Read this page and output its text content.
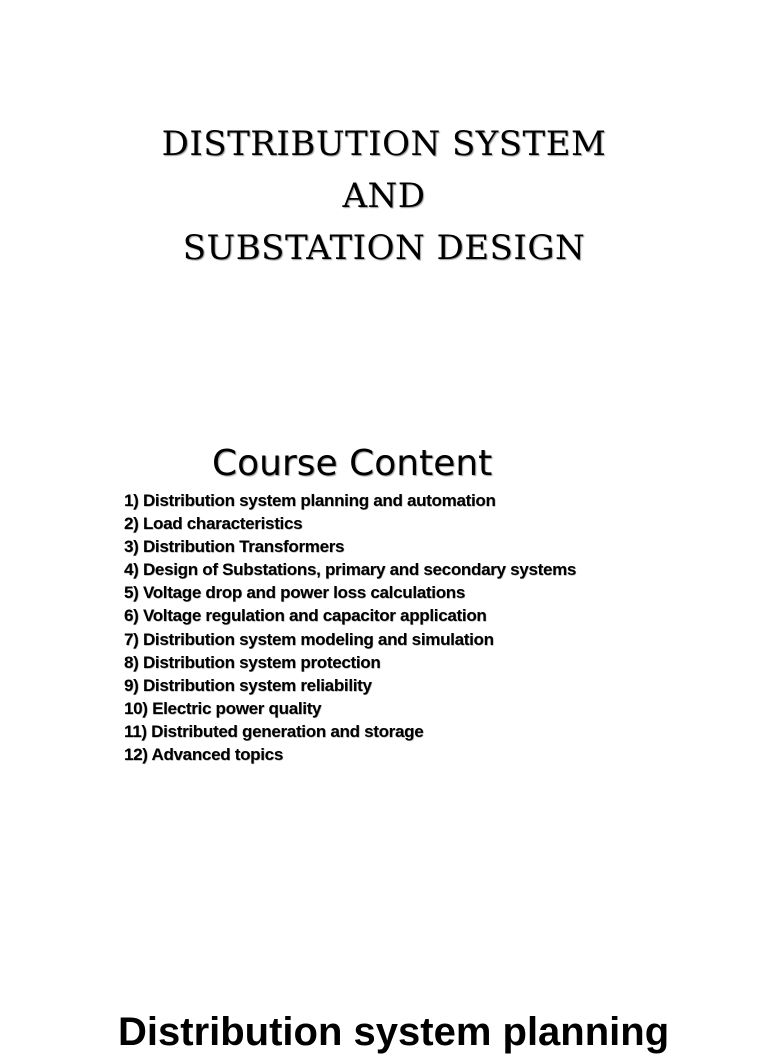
DISTRIBUTION SYSTEM
AND
SUBSTATION DESIGN
Course Content
1) Distribution system planning and automation
2) Load characteristics
3) Distribution Transformers
4) Design of Substations, primary and secondary systems
5) Voltage drop and power loss calculations
6) Voltage regulation and capacitor application
7) Distribution system modeling and simulation
8) Distribution system protection
9) Distribution system reliability
10) Electric power quality
11) Distributed generation and storage
12) Advanced topics
Distribution system planning
